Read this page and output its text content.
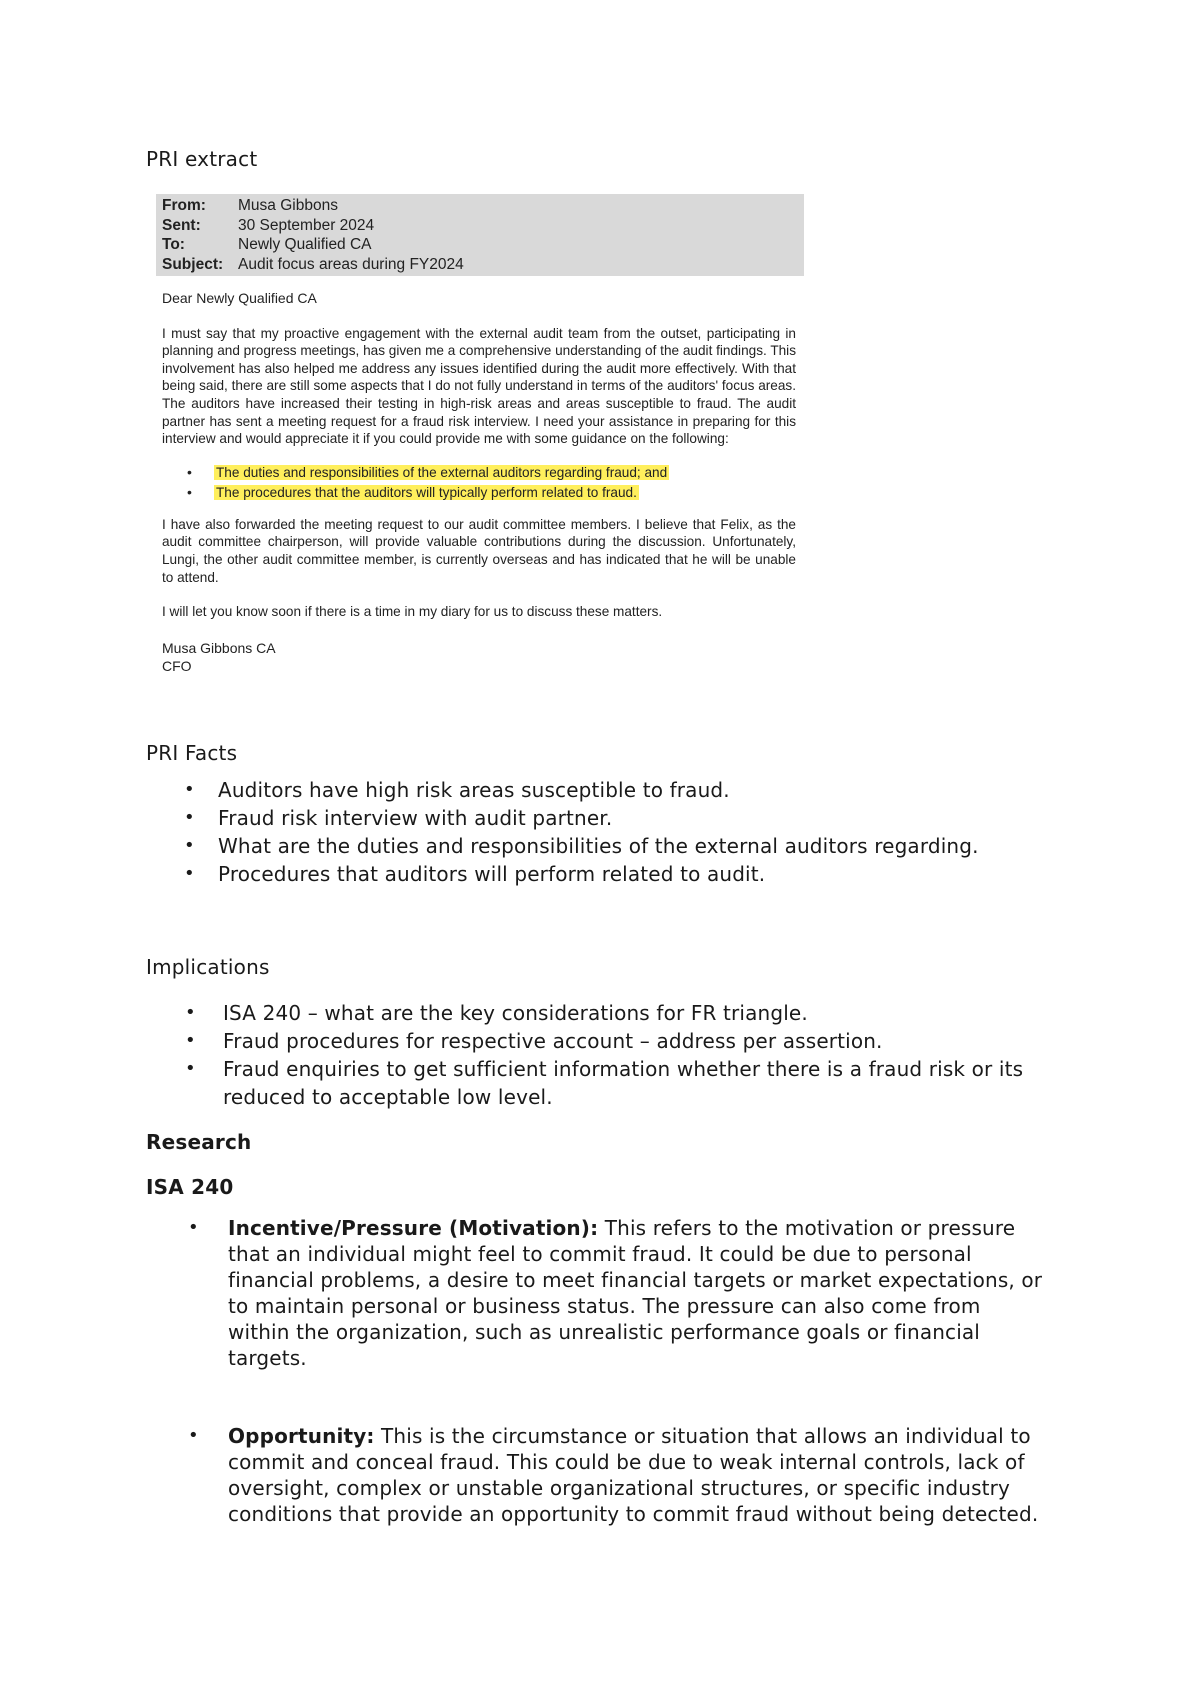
PRI extract
From:	Musa Gibbons
Sent:	30 September 2024
To:	Newly Qualified CA
Subject: Audit focus areas during FY2024
Dear Newly Qualified CA
I must say that my proactive engagement with the external audit team from the outset, participating in planning and progress meetings, has given me a comprehensive understanding of the audit findings. This involvement has also helped me address any issues identified during the audit more effectively. With that being said, there are still some aspects that I do not fully understand in terms of the auditors' focus areas. The auditors have increased their testing in high-risk areas and areas susceptible to fraud. The audit partner has sent a meeting request for a fraud risk interview. I need your assistance in preparing for this interview and would appreciate it if you could provide me with some guidance on the following:
• The duties and responsibilities of the external auditors regarding fraud; and
• The procedures that the auditors will typically perform related to fraud.
I have also forwarded the meeting request to our audit committee members. I believe that Felix, as the audit committee chairperson, will provide valuable contributions during the discussion. Unfortunately, Lungi, the other audit committee member, is currently overseas and has indicated that he will be unable to attend.
I will let you know soon if there is a time in my diary for us to discuss these matters.
Musa Gibbons CA
CFO
PRI Facts
• Auditors have high risk areas susceptible to fraud.
• Fraud risk interview with audit partner.
• What are the duties and responsibilities of the external auditors regarding.
• Procedures that auditors will perform related to audit.
Implications
• ISA 240 – what are the key considerations for FR triangle.
• Fraud procedures for respective account – address per assertion.
• Fraud enquiries to get sufficient information whether there is a fraud risk or its reduced to acceptable low level.
Research
ISA 240
• Incentive/Pressure (Motivation): This refers to the motivation or pressure that an individual might feel to commit fraud. It could be due to personal financial problems, a desire to meet financial targets or market expectations, or to maintain personal or business status. The pressure can also come from within the organization, such as unrealistic performance goals or financial targets.
• Opportunity: This is the circumstance or situation that allows an individual to commit and conceal fraud. This could be due to weak internal controls, lack of oversight, complex or unstable organizational structures, or specific industry conditions that provide an opportunity to commit fraud without being detected.
